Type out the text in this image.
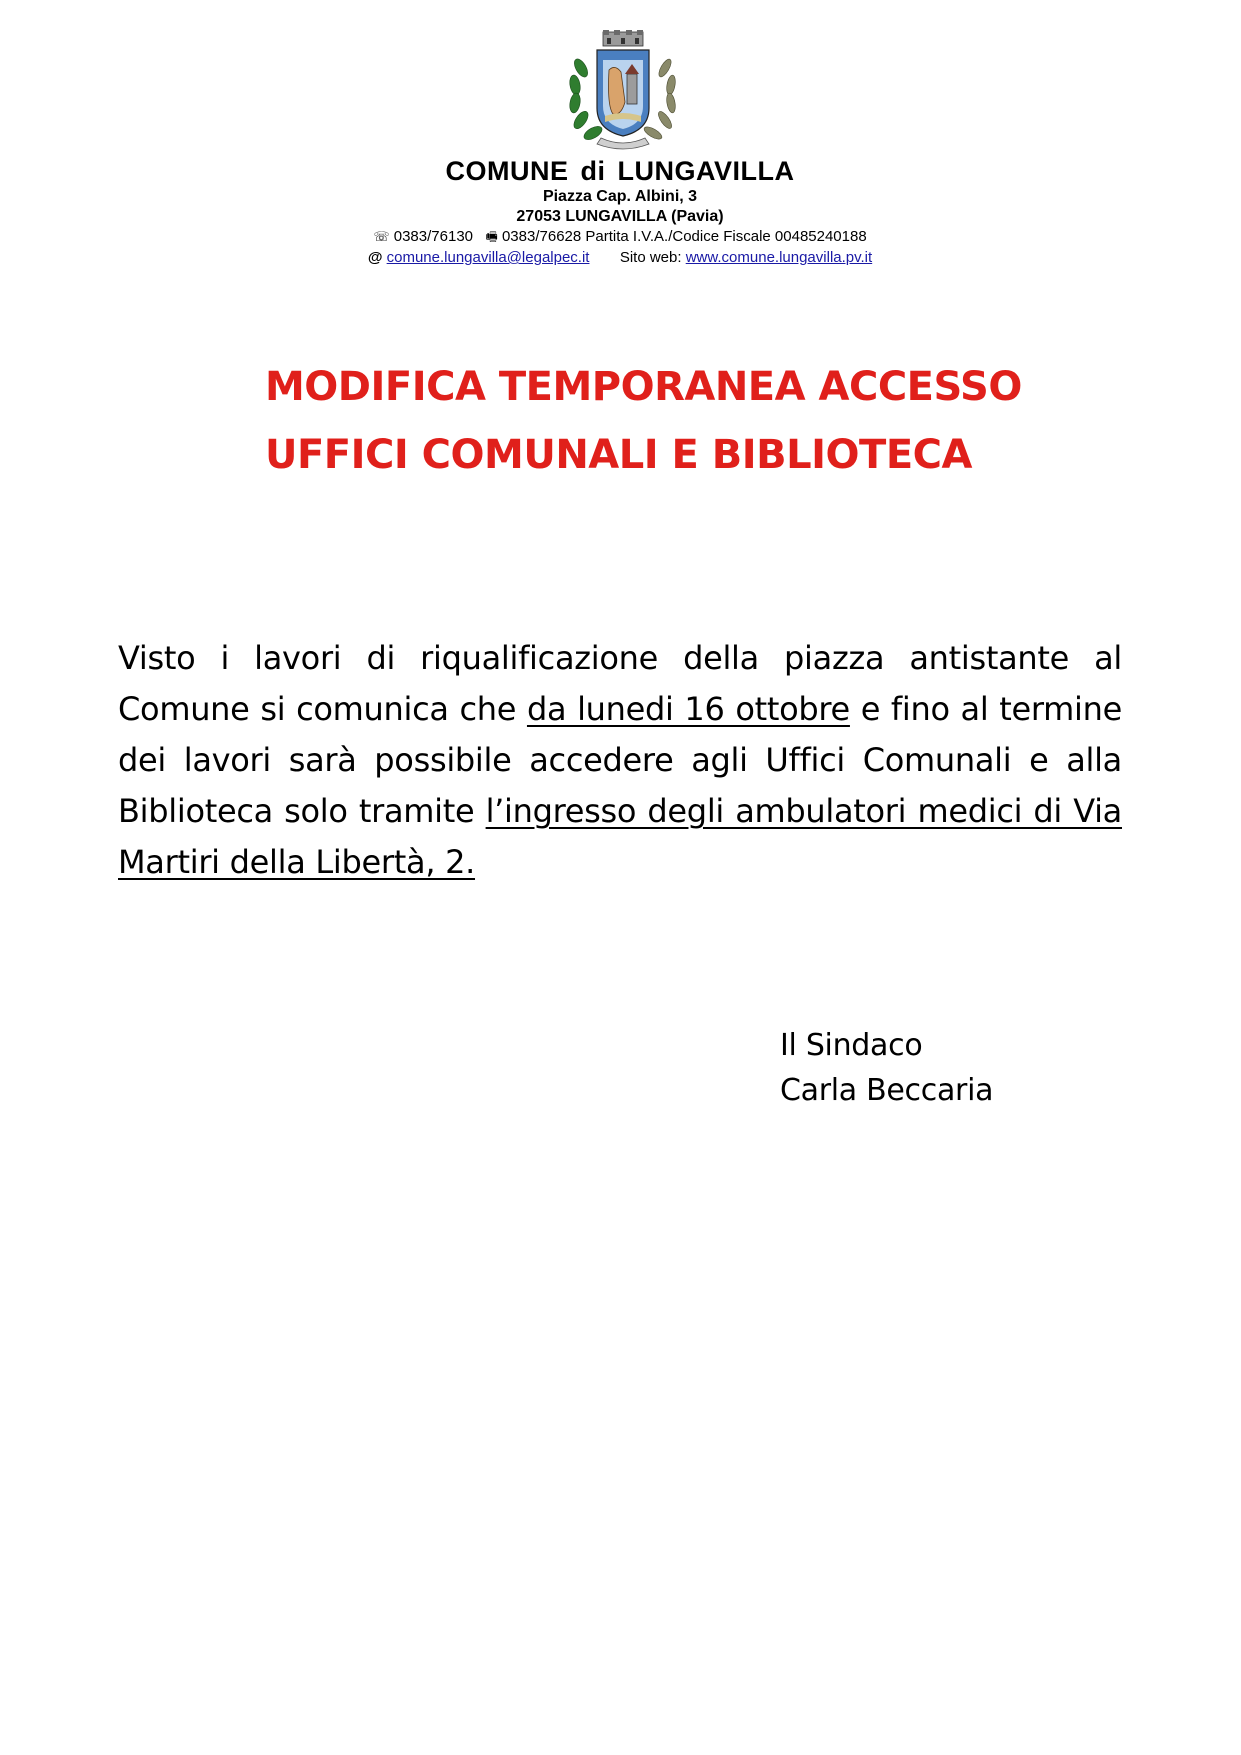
COMUNE di LUNGAVILLA
Piazza Cap. Albini, 3
27053 LUNGAVILLA (Pavia)
☏ 0383/76130 🖷 0383/76628 Partita I.V.A./Codice Fiscale 00485240188
@ comune.lungavilla@legalpec.it Sito web: www.comune.lungavilla.pv.it
MODIFICA TEMPORANEA ACCESSO
UFFICI COMUNALI E BIBLIOTECA
Visto i lavori di riqualificazione della piazza antistante al Comune si comunica che da lunedi 16 ottobre e fino al termine dei lavori sarà possibile accedere agli Uffici Comunali e alla Biblioteca solo tramite l’ingresso degli ambulatori medici di Via Martiri della Libertà, 2.
Il Sindaco
Carla Beccaria
